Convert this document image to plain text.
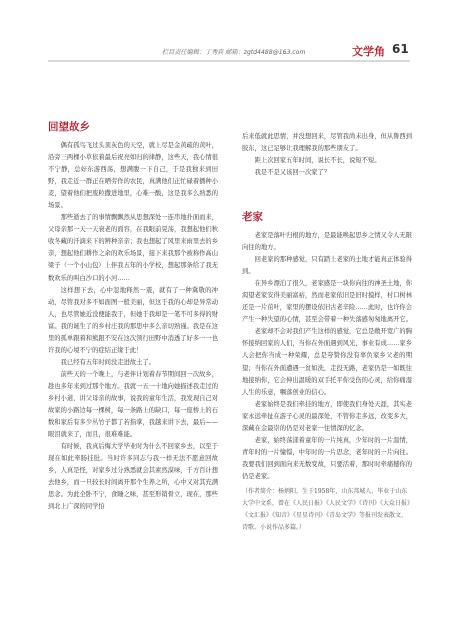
栏目责任编辑：丁秀宾 邮箱：zgtd4488@163.com	文学角 61
回望故乡

偶有孤鸟飞过头顶灰色的天空，就上尽是金黄疏的黄叶，沿旁三两棵小草依着最后祝亮如归的律静，这些天，我心情很不宁静，总好东游西荡，想满腹一下自己，于是我独来到田野，我走近一群正在晒劳作的农民，真满他们正忙碌着播种小麦，望着他们把废粒撒进地里，心难一酸，这是我多么熟悉的场景。

那些逝去了的事情飘飘然从思想深处一连串地扑面而来，父母亲那一天一天衰老的面容，在我眼前晃荡，我想起他们秋收冬藏的汗滴来下的辨种亲亲；我也想起了风里来雨里去的乡亲，想起他们耕作之余的欢乐场景，接下来我那个被称作高山梁子（一个小山包）上伴我五年的小学校，想起那条给了我无数欢乐的叫白沙口的小河……

这样想下去，心中忽地释然一震，就有了一种冀敬的冲动，尽管我对多不如面图一般美丽，但这于我的心却是异常动人，也尽管她近没便能我于，但她于我却是一笔不可多得的财富。我的诞生了的乡村庄我的那思中多么亲切熟谨。我是在这里的孤单跟着和熊跟不安在这次领行田野中消透了好多一一也许我的心境不宁的症结正缘于此！

我已经有五年时间没走进故土了。

前些天的一个晚上，与老伴计划着春节期间回一次故乡，趁也多年来到过那个地方。我就一五一十地向她描述我走过的乡村小道，讲父母亲的故事，说我的童年生活，我发现自己对故家的小路边每一棵树，每一条路上的缺口，每一座桥上的石数和家后有多少丛竹子都了若指掌，我越来讲下去，最后——眼泪就来了，而且，很难难能。

有时候，我真后悔大学毕业时为什么不回家乡去，以至于现在如此牵肠挂肚。当时许多同志与我一样无法不愿意回故乡，人真是怪，对家乡过分熟悉就会其素然漠味，千方百计想去他乡，而一旦较长时间离开那个生养之所，心中又对其充满思念。为此全卧不宁，食睡之味，甚至形销骨立，现在，那些到北上广深的同学怕

后来低就此思情，并没想回来，尽管我尚未出身，但从鲁西到胶东，这已足够让我理解我的那些朋友了。

距上次回家五年时间，说长不长，说短不短。

我是不是又该回一次家了？

老家

老家是落叶归根的地方，是最能唤起思乡之情又令人无限向往的地方。

回老家的那种感觉，只有踏上老家的土地才能真正体验得到。

在异乡漂泊了很久，老家感是一块你向往的神圣土地，你渴望老家安得美丽富裕，然而老家依旧是旧时摸样，村口树林还是一片茁叶，家里的摆设依旧古老辛险……此时，也许你会产生一种失望的心情，甚至会带着一种失落感匆匆地离开它。

老家却不会对我们产生这样的感觉，它总是敞开宽广的胸怀接纳回家的人们，当你在外面遇到风光，事业有成……家乡人会把你当成一种荣耀，总是夸赞你没有辜负家乡父老的期望；当你在外面遭遇一贫如洗，走投无路，老家仍是一如既往地接纳你，它会伸出温暖的双手托平你受伤的心灵，给你痛湿人生的乐意，嘱落创业的信心。

老家始终是我们牵挂的地方，即使我们身处天涯，其实老家永远牵扯在游子心灵的最深处，不管你走多远，改变多大，深藏在金最崇的仍是对老家一往情深的忆念。

老家，始终荡漾着童年的一片纯真，少年时的一片温情，青年时的一片憧憬，中年时的一片思念，老年时的一片向往。我要我们回到面向来无数变故，只要活着，那时时牵痛撼你的仍是老家。

（作者简介：杨炳阳，生于1958年，山东邦城人，毕业于山东大学中文系，曾在《人民日报》《人民文学》《诗刊》《大众日报》《文汇报》《知音》《星星诗刊》《青岛文学》等报刊发表散文、诗歌、小说作品多篇。）
